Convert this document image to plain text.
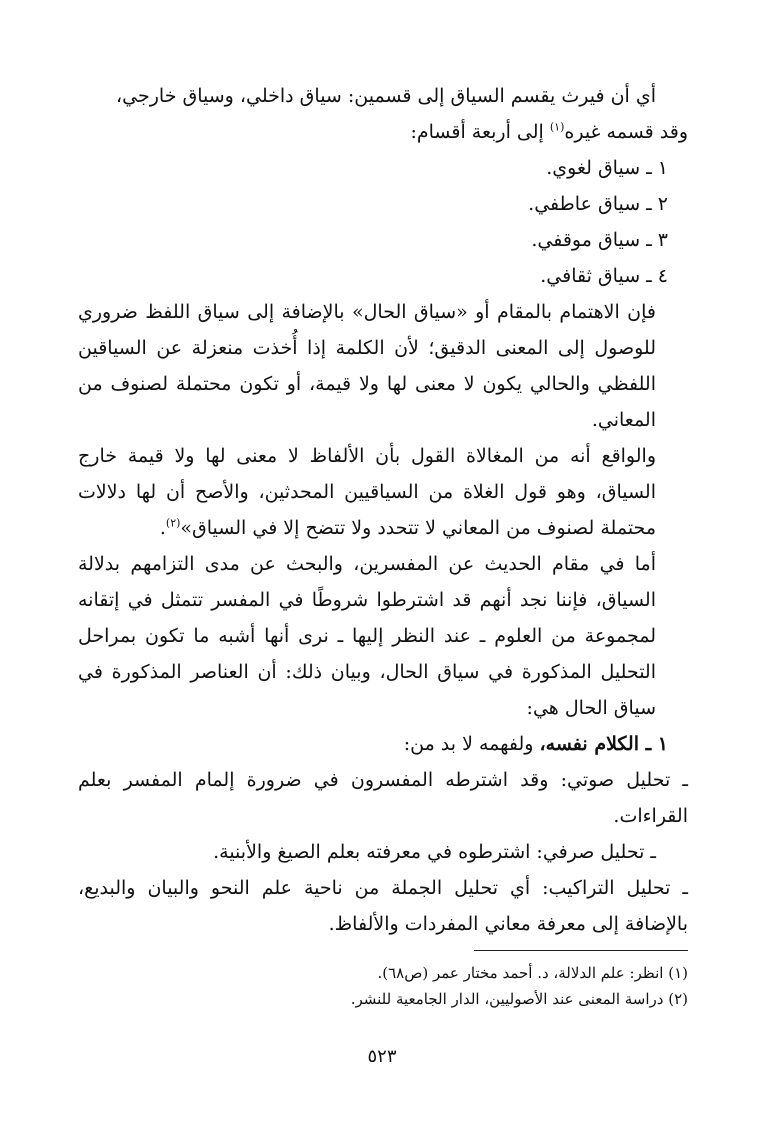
أي أن فيرث يقسم السياق إلى قسمين: سياق داخلي، وسياق خارجي،

وقد قسمه غيره$^{(١)}$ إلى أربعة أقسام:

١ ـ سياق لغوي.

٢ ـ سياق عاطفي.

٣ ـ سياق موقفي.

٤ ـ سياق ثقافي.

فإن الاهتمام بالمقام أو «سياق الحال» بالإضافة إلى سياق اللفظ ضروري للوصول إلى المعنى الدقيق؛ لأن الكلمة إذا أُخذت منعزلة عن السياقين اللفظي والحالي يكون لا معنى لها ولا قيمة، أو تكون محتملة لصنوف من المعاني.

والواقع أنه من المغالاة القول بأن الألفاظ لا معنى لها ولا قيمة خارج السياق، وهو قول الغلاة من السياقيين المحدثين، والأصح أن لها دلالات محتملة لصنوف من المعاني لا تتحدد ولا تتضح إلا في السياق»$^{(٢)}$.

أما في مقام الحديث عن المفسرين، والبحث عن مدى التزامهم بدلالة السياق، فإننا نجد أنهم قد اشترطوا شروطًا في المفسر تتمثل في إتقانه لمجموعة من العلوم ـ عند النظر إليها ـ نرى أنها أشبه ما تكون بمراحل التحليل المذكورة في سياق الحال، وبيان ذلك: أن العناصر المذكورة في سياق الحال هي:

١ ـ الكلام نفسه، ولفهمه لا بد من:

ـ تحليل صوتي: وقد اشترطه المفسرون في ضرورة إلمام المفسر بعلم القراءات.

ـ تحليل صرفي: اشترطوه في معرفته بعلم الصيغ والأبنية.

ـ تحليل التراكيب: أي تحليل الجملة من ناحية علم النحو والبيان والبديع، بالإضافة إلى معرفة معاني المفردات والألفاظ.

(١) انظر: علم الدلالة، د. أحمد مختار عمر (ص٦٨).

(٢) دراسة المعنى عند الأصوليين، الدار الجامعية للنشر.

٥٢٣
